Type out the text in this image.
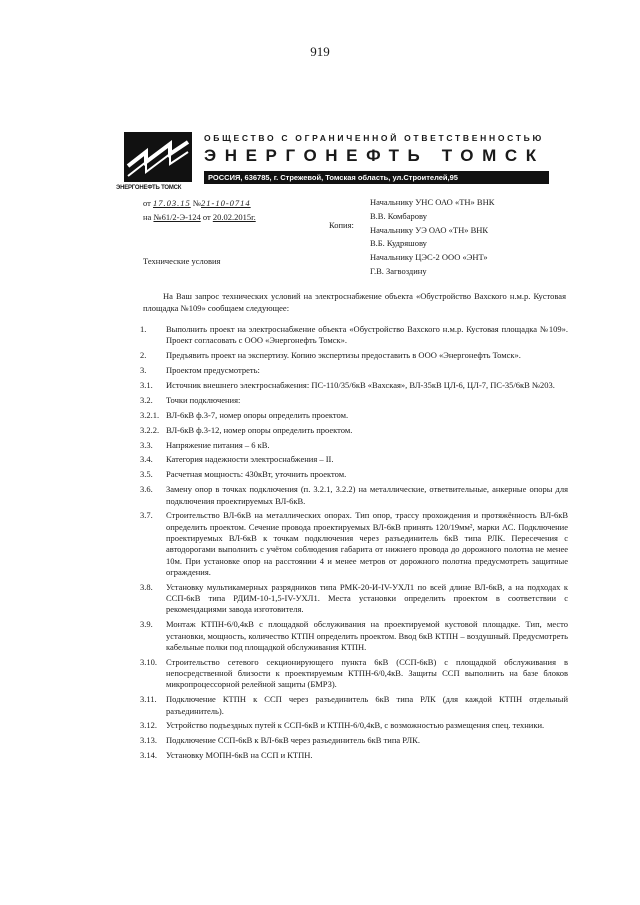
919
ЭНЕРГОНЕФТЬ ТОМСК
ОБЩЕСТВО С ОГРАНИЧЕННОЙ ОТВЕТСТВЕННОСТЬЮ
ЭНЕРГОНЕФТЬ ТОМСК
РОССИЯ, 636785, г. Стрежевой, Томская область, ул.Строителей,95
от 17.03.15 №21-10-0714
на №61/2-Э-124 от 20.02.2015г.
Копия:
Начальнику УНС ОАО «ТН» ВНК
В.В. Комбарову
Начальнику УЭ ОАО «ТН» ВНК
В.Б. Кудряшову
Начальнику ЦЭС-2 ООО «ЭНТ»
Г.В. Загвоздину
Технические условия
На Ваш запрос технических условий на электроснабжение объекта «Обустройство Вахского н.м.р. Кустовая площадка №109» сообщаем следующее:
1.	Выполнить проект на электроснабжение объекта «Обустройство Вахского н.м.р. Кустовая площадка №109». Проект согласовать с ООО «Энергонефть Томск».
2.	Предъявить проект на экспертизу. Копию экспертизы предоставить в ООО «Энергонефть Томск».
3.	Проектом предусмотреть:
3.1.	Источник внешнего электроснабжения: ПС-110/35/6кВ «Вахская», ВЛ-35кВ ЦЛ-6, ЦЛ-7, ПС-35/6кВ №203.
3.2.	Точки подключения:
3.2.1. ВЛ-6кВ ф.3-7, номер опоры определить проектом.
3.2.2. ВЛ-6кВ ф.3-12, номер опоры определить проектом.
3.3.	Напряжение питания – 6 кВ.
3.4.	Категория надежности электроснабжения – II.
3.5.	Расчетная мощность: 430кВт, уточнить проектом.
3.6.	Замену опор в точках подключения (п. 3.2.1, 3.2.2) на металлические, ответвительные, анкерные опоры для подключения проектируемых ВЛ-6кВ.
3.7.	Строительство ВЛ-6кВ на металлических опорах. Тип опор, трассу прохождения и протяжённость ВЛ-6кВ определить проектом. Сечение провода проектируемых ВЛ-6кВ принять 120/19мм², марки АС. Подключение проектируемых ВЛ-6кВ к точкам подключения через разъединитель 6кВ типа РЛК. Пересечения с автодорогами выполнить с учётом соблюдения габарита от нижнего провода до дорожного полотна не менее 10м. При установке опор на расстоянии 4 и менее метров от дорожного полотна предусмотреть защитные ограждения.
3.8.	Установку мультикамерных разрядников типа РМК-20-И-IV-УХЛ1 по всей длине ВЛ-6кВ, а на подходах к ССП-6кВ типа РДИМ-10-1,5-IV-УХЛ1. Места установки определить проектом в соответствии с рекомендациями завода изготовителя.
3.9.	Монтаж КТПН-6/0,4кВ с площадкой обслуживания на проектируемой кустовой площадке. Тип, место установки, мощность, количество КТПН определить проектом. Ввод 6кВ КТПН – воздушный. Предусмотреть кабельные полки под площадкой обслуживания КТПН.
3.10.	Строительство сетевого секционирующего пункта 6кВ (ССП-6кВ) с площадкой обслуживания в непосредственной близости к проектируемым КТПН-6/0,4кВ. Защиты ССП выполнить на базе блоков микропроцессорной релейной защиты (БМРЗ).
3.11.	Подключение КТПН к ССП через разъединитель 6кВ типа РЛК (для каждой КТПН отдельный разъединитель).
3.12.	Устройство подъездных путей к ССП-6кВ и КТПН-6/0,4кВ, с возможностью размещения спец. техники.
3.13.	Подключение ССП-6кВ к ВЛ-6кВ через разъединитель 6кВ типа РЛК.
3.14.	Установку МОПН-6кВ на ССП и КТПН.
